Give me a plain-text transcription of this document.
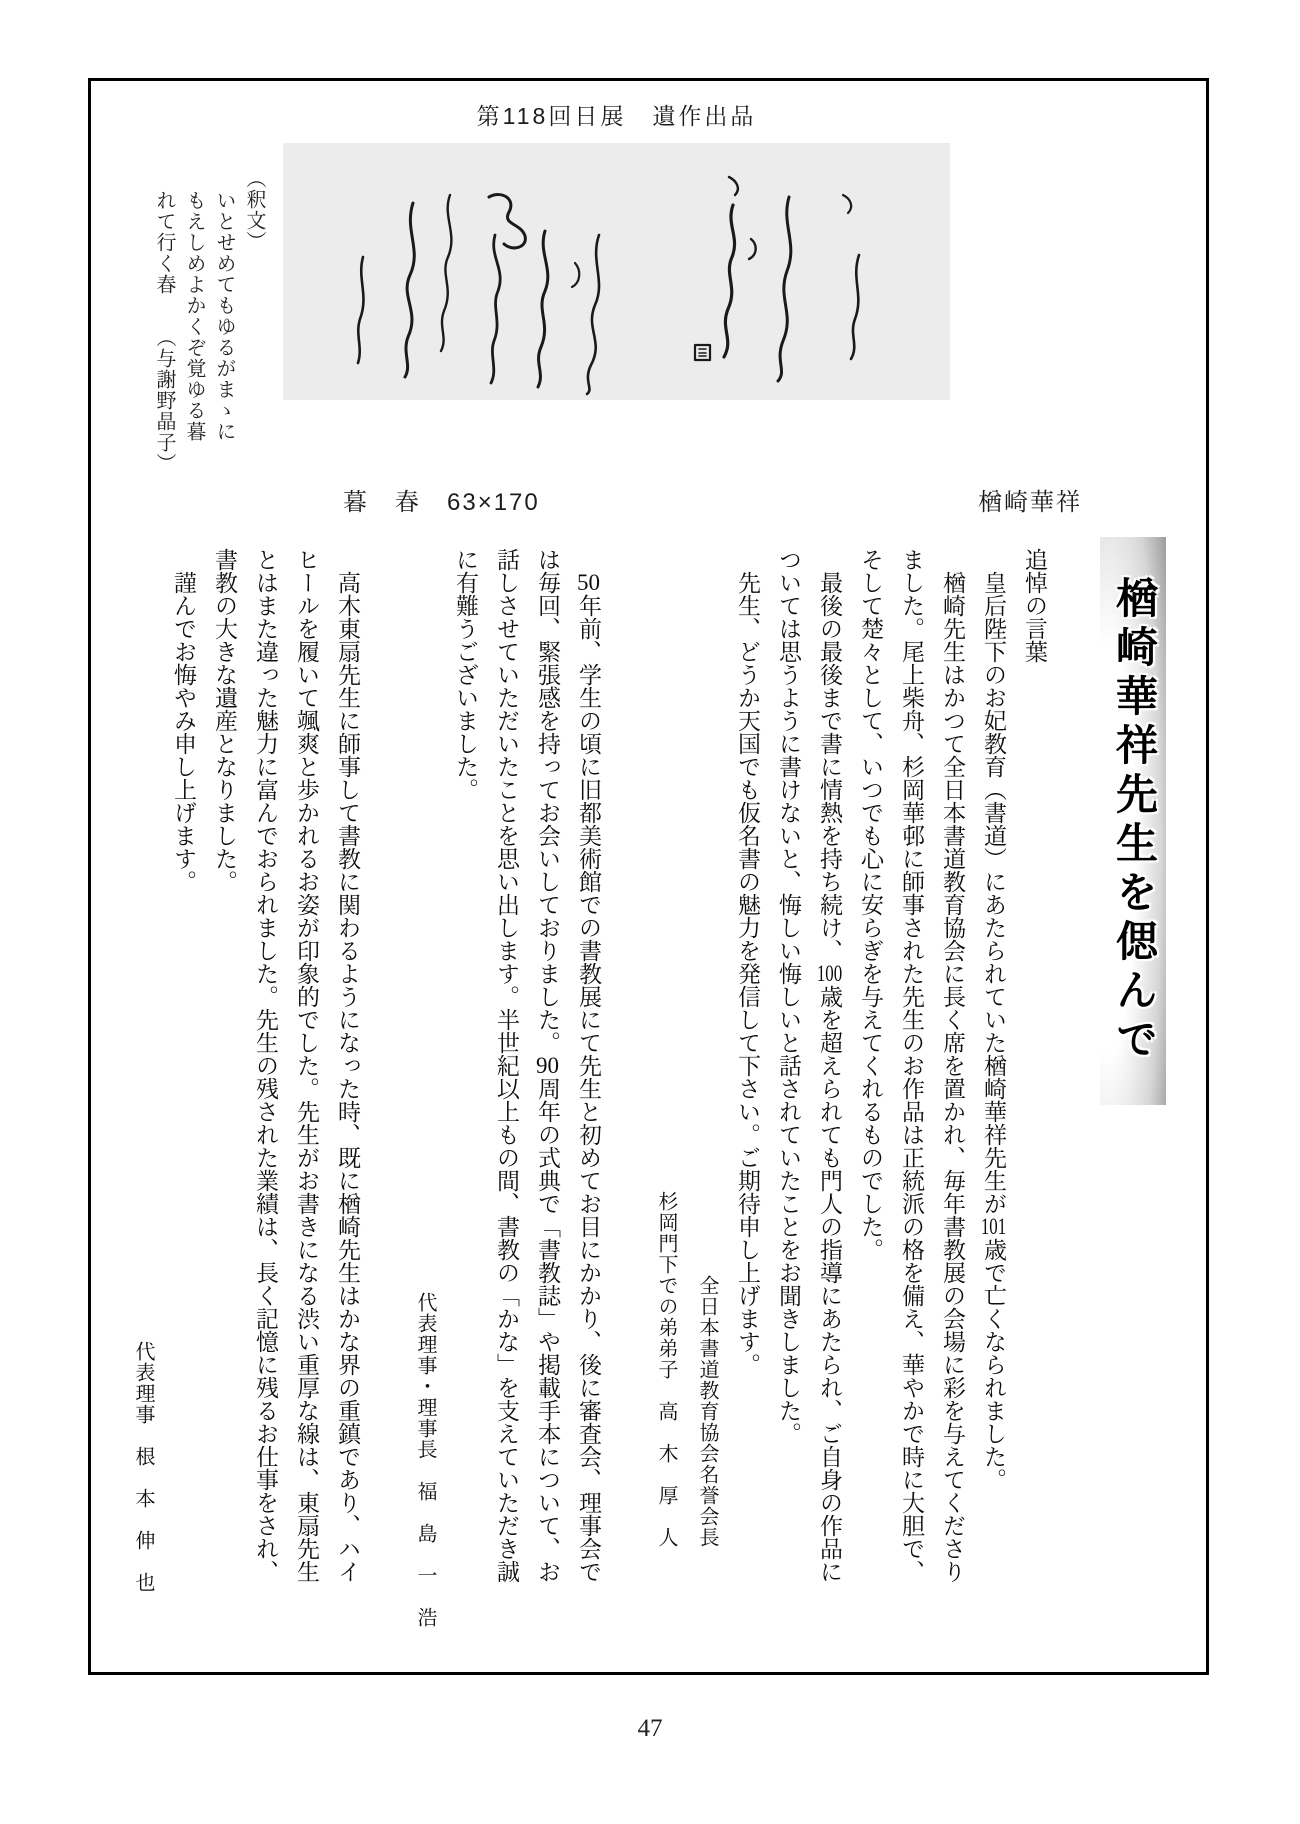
第118回日展　遺作出品

（釈文）

いとせめてもゆるがまゝに

もえしめよかくぞ覚ゆる暮

れて行く春　　（与謝野晶子）

暮　春　 63×170	楢崎華祥
楢崎華祥先生を偲んで
追悼の言葉

皇后陛下のお妃教育（書道）にあたられていた楢崎華祥先生が101歳で亡くなられました。

楢崎先生はかつて全日本書道教育協会に長く席を置かれ、毎年書教展の会場に彩を与えてくださりました。尾上柴舟、杉岡華邨に師事された先生のお作品は正統派の格を備え、華やかで時に大胆で、そして楚々として、いつでも心に安らぎを与えてくれるものでした。

最後の最後まで書に情熱を持ち続け、100歳を超えられても門人の指導にあたられ、ご自身の作品については思うように書けないと、悔しい悔しいと話されていたことをお聞きしました。

先生、どうか天国でも仮名書の魅力を発信して下さい。ご期待申し上げます。

全日本書道教育協会名誉会長

杉岡門下での弟弟子　高　木　厚　人

50年前、学生の頃に旧都美術館での書教展にて先生と初めてお目にかかり、後に審査会、理事会では毎回、緊張感を持ってお会いしておりました。90周年の式典で「書教誌」や掲載手本について、お話しさせていただいたことを思い出します。半世紀以上もの間、書教の「かな」を支えていただき誠に有難うございました。

代表理事・理事長　福　島　一　浩

高木東扇先生に師事して書教に関わるようになった時、既に楢崎先生はかな界の重鎮であり、ハイヒールを履いて颯爽と歩かれるお姿が印象的でした。先生がお書きになる渋い重厚な線は、東扇先生とはまた違った魅力に富んでおられました。先生の残された業績は、長く記憶に残るお仕事をされ、書教の大きな遺産となりました。

謹んでお悔やみ申し上げます。

代表理事　根　本　伸　也

47
